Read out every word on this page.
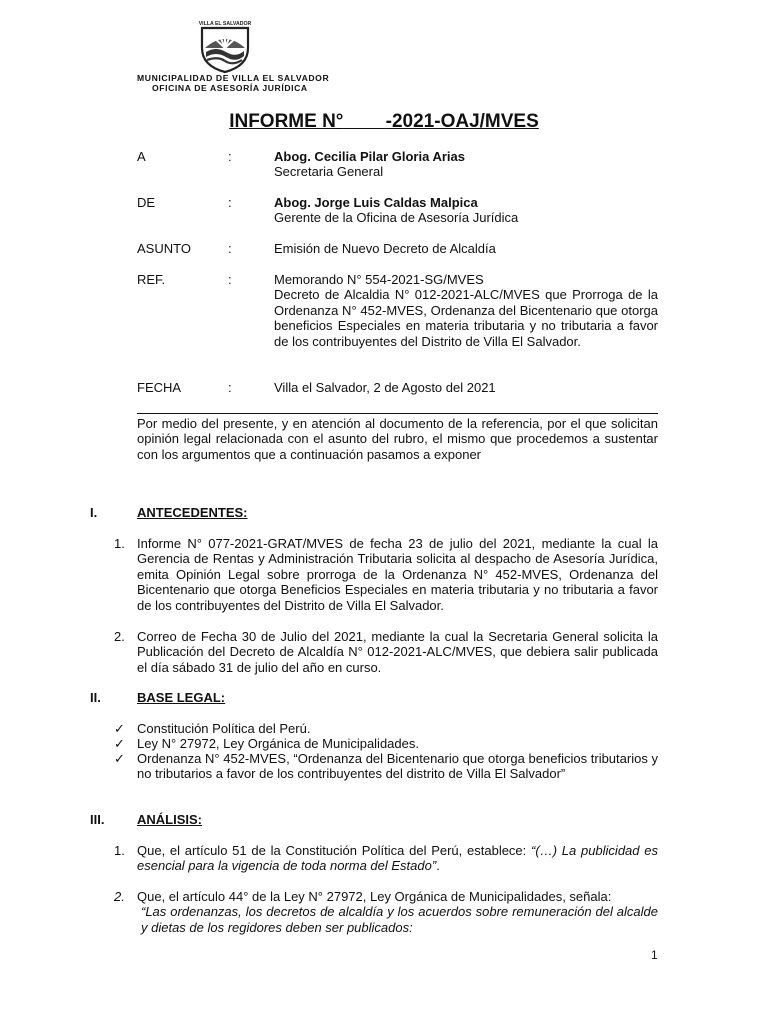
VILLA EL SALVADOR
MUNICIPALIDAD DE VILLA EL SALVADOR
OFICINA DE ASESORÍA JURÍDICA
INFORME N° -2021-OAJ/MVES
A	:	Abog. Cecilia Pilar Gloria Arias
Secretaria General
DE	:	Abog. Jorge Luis Caldas Malpica
Gerente de la Oficina de Asesoría Jurídica
ASUNTO	:	Emisión de Nuevo Decreto de Alcaldía
REF.	:	Memorando N° 554-2021-SG/MVES
Decreto de Alcaldia N° 012-2021-ALC/MVES que Prorroga de la Ordenanza N° 452-MVES, Ordenanza del Bicentenario que otorga beneficios Especiales en materia tributaria y no tributaria a favor de los contribuyentes del Distrito de Villa El Salvador.
FECHA	:	Villa el Salvador, 2 de Agosto del 2021
Por medio del presente, y en atención al documento de la referencia, por el que solicitan opinión legal relacionada con el asunto del rubro, el mismo que procedemos a sustentar con los argumentos que a continuación pasamos a exponer
I.	ANTECEDENTES:
1. Informe N° 077-2021-GRAT/MVES de fecha 23 de julio del 2021, mediante la cual la Gerencia de Rentas y Administración Tributaria solicita al despacho de Asesoría Jurídica, emita Opinión Legal sobre prorroga de la Ordenanza N° 452-MVES, Ordenanza del Bicentenario que otorga Beneficios Especiales en materia tributaria y no tributaria a favor de los contribuyentes del Distrito de Villa El Salvador.
2. Correo de Fecha 30 de Julio del 2021, mediante la cual la Secretaria General solicita la Publicación del Decreto de Alcaldía N° 012-2021-ALC/MVES, que debiera salir publicada el día sábado 31 de julio del año en curso.
II.	BASE LEGAL:
✓ Constitución Política del Perú.
✓ Ley N° 27972, Ley Orgánica de Municipalidades.
✓ Ordenanza N° 452-MVES, “Ordenanza del Bicentenario que otorga beneficios tributarios y no tributarios a favor de los contribuyentes del distrito de Villa El Salvador”
III.	ANÁLISIS:
1. Que, el artículo 51 de la Constitución Política del Perú, establece: “(…) La publicidad es esencial para la vigencia de toda norma del Estado”.
2. Que, el artículo 44° de la Ley N° 27972, Ley Orgánica de Municipalidades, señala:
“Las ordenanzas, los decretos de alcaldía y los acuerdos sobre remuneración del alcalde y dietas de los regidores deben ser publicados:
1
